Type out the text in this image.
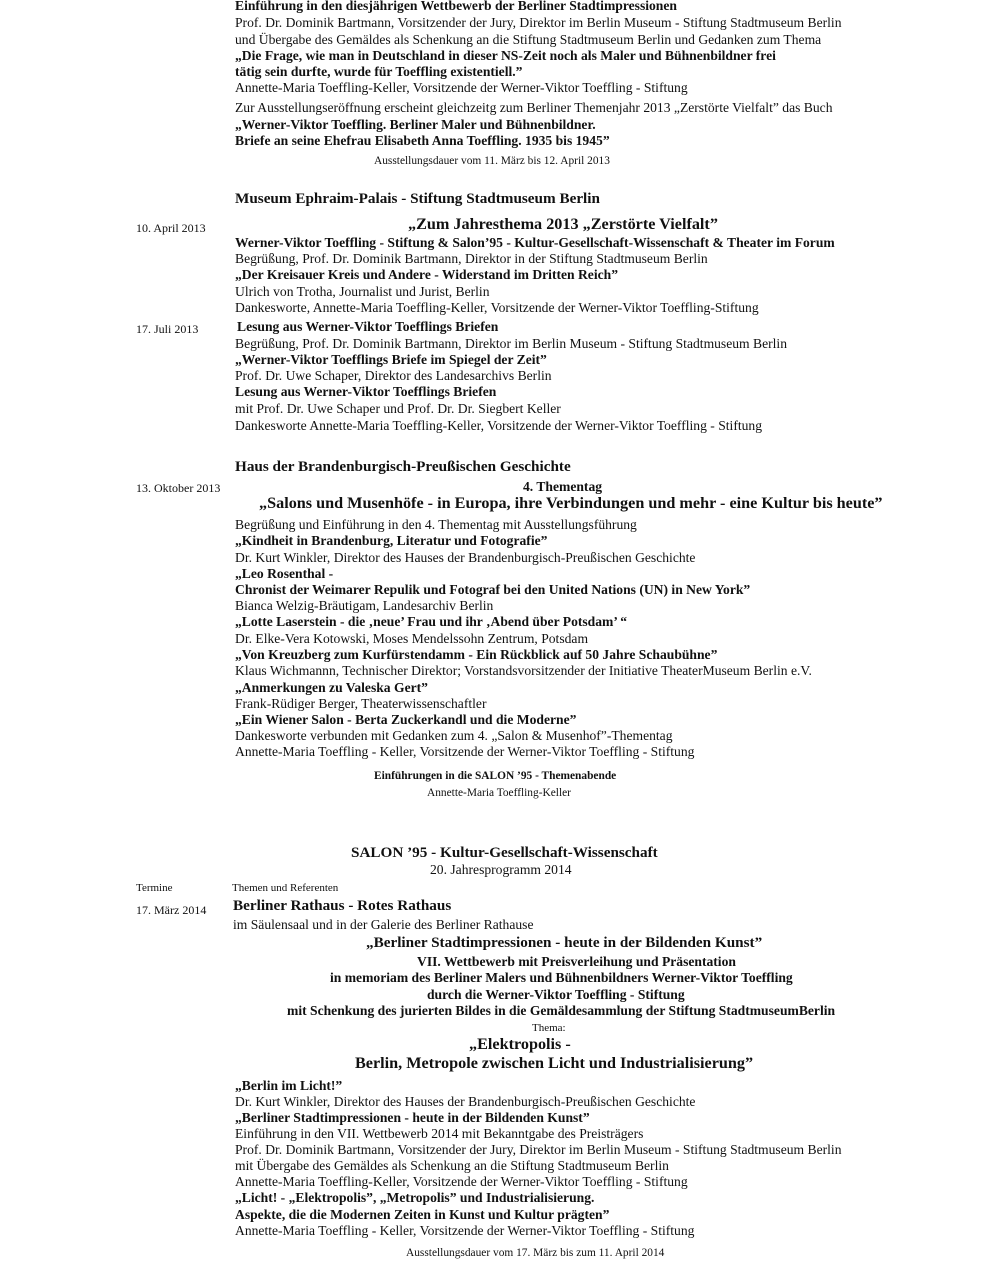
Einführung in den diesjährigen Wettbewerb der Berliner Stadtimpressionen
Prof. Dr. Dominik Bartmann, Vorsitzender der Jury, Direktor im Berlin Museum - Stiftung Stadtmuseum Berlin
und Übergabe des Gemäldes als Schenkung an die Stiftung Stadtmuseum Berlin und Gedanken zum Thema
„Die Frage, wie man in Deutschland in dieser NS-Zeit noch als Maler und Bühnenbildner frei
tätig sein durfte, wurde für Toeffling existentiell.”
Annette-Maria Toeffling-Keller, Vorsitzende der Werner-Viktor Toeffling - Stiftung
Zur Ausstellungseröffnung erscheint gleichzeitg zum Berliner Themenjahr 2013 „Zerstörte Vielfalt” das Buch
„Werner-Viktor Toeffling. Berliner Maler und Bühnenbildner.
Briefe an seine Ehefrau Elisabeth Anna Toeffling. 1935 bis 1945”
Ausstellungsdauer vom 11. März bis 12. April 2013
Museum Ephraim-Palais - Stiftung Stadtmuseum Berlin
10. April 2013	„Zum Jahresthema 2013 „Zerstörte Vielfalt”
Werner-Viktor Toeffling - Stiftung & Salon’95 - Kultur-Gesellschaft-Wissenschaft & Theater im Forum
Begrüßung, Prof. Dr. Dominik Bartmann, Direktor in der Stiftung Stadtmuseum Berlin
„Der Kreisauer Kreis und Andere - Widerstand im Dritten Reich”
Ulrich von Trotha, Journalist und Jurist, Berlin
Dankesworte, Annette-Maria Toeffling-Keller, Vorsitzende der Werner-Viktor Toeffling-Stiftung
17. Juli 2013	Lesung aus Werner-Viktor Toefflings Briefen
Begrüßung, Prof. Dr. Dominik Bartmann, Direktor im Berlin Museum - Stiftung Stadtmuseum Berlin
„Werner-Viktor Toefflings Briefe im Spiegel der Zeit”
Prof. Dr. Uwe Schaper, Direktor des Landesarchivs Berlin
Lesung aus Werner-Viktor Toefflings Briefen
mit Prof. Dr. Uwe Schaper und Prof. Dr. Dr. Siegbert Keller
Dankesworte Annette-Maria Toeffling-Keller, Vorsitzende der Werner-Viktor Toeffling - Stiftung
Haus der Brandenburgisch-Preußischen Geschichte
13. Oktober 2013	4. Thementag
„Salons und Musenhöfe - in Europa, ihre Verbindungen und mehr - eine Kultur bis heute”
Begrüßung und Einführung in den 4. Thementag mit Ausstellungsführung
„Kindheit in Brandenburg, Literatur und Fotografie”
Dr. Kurt Winkler, Direktor des Hauses der Brandenburgisch-Preußischen Geschichte
„Leo Rosenthal -
Chronist der Weimarer Repulik und Fotograf bei den United Nations (UN) in New York”
Bianca Welzig-Bräutigam, Landesarchiv Berlin
„Lotte Laserstein - die ‚neue’ Frau und ihr ‚Abend über Potsdam’ “
Dr. Elke-Vera Kotowski, Moses Mendelssohn Zentrum, Potsdam
„Von Kreuzberg zum Kurfürstendamm - Ein Rückblick auf 50 Jahre Schaubühne”
Klaus Wichmannn, Technischer Direktor; Vorstandsvorsitzender der Initiative TheaterMuseum Berlin e.V.
„Anmerkungen zu Valeska Gert”
Frank-Rüdiger Berger, Theaterwissenschaftler
„Ein Wiener Salon - Berta Zuckerkandl und die Moderne”
Dankesworte verbunden mit Gedanken zum 4. „Salon & Musenhof”-Thementag
Annette-Maria Toeffling - Keller, Vorsitzende der Werner-Viktor Toeffling - Stiftung
Einführungen in die SALON ’95 - Themenabende
Annette-Maria Toeffling-Keller
SALON ’95 - Kultur-Gesellschaft-Wissenschaft
20. Jahresprogramm 2014
Termine	Themen und Referenten
17. März 2014 Berliner Rathaus - Rotes Rathaus
im Säulensaal und in der Galerie des Berliner Rathause
„Berliner Stadtimpressionen - heute in der Bildenden Kunst”
VII. Wettbewerb mit Preisverleihung und Präsentation
in memoriam des Berliner Malers und Bühnenbildners Werner-Viktor Toeffling
durch die Werner-Viktor Toeffling - Stiftung
mit Schenkung des jurierten Bildes in die Gemäldesammlung der Stiftung StadtmuseumBerlin
Thema:
„Elektropolis -
Berlin, Metropole zwischen Licht und Industrialisierung”
„Berlin im Licht!”
Dr. Kurt Winkler, Direktor des Hauses der Brandenburgisch-Preußischen Geschichte
„Berliner Stadtimpressionen - heute in der Bildenden Kunst”
Einführung in den VII. Wettbewerb 2014 mit Bekanntgabe des Preisträgers
Prof. Dr. Dominik Bartmann, Vorsitzender der Jury, Direktor im Berlin Museum - Stiftung Stadtmuseum Berlin
mit Übergabe des Gemäldes als Schenkung an die Stiftung Stadtmuseum Berlin
Annette-Maria Toeffling-Keller, Vorsitzende der Werner-Viktor Toeffling - Stiftung
„Licht! - „Elektropolis”, „Metropolis” und Industrialisierung.
Aspekte, die die Modernen Zeiten in Kunst und Kultur prägten”
Annette-Maria Toeffling - Keller, Vorsitzende der Werner-Viktor Toeffling - Stiftung
Ausstellungsdauer vom 17. März bis zum 11. April 2014
